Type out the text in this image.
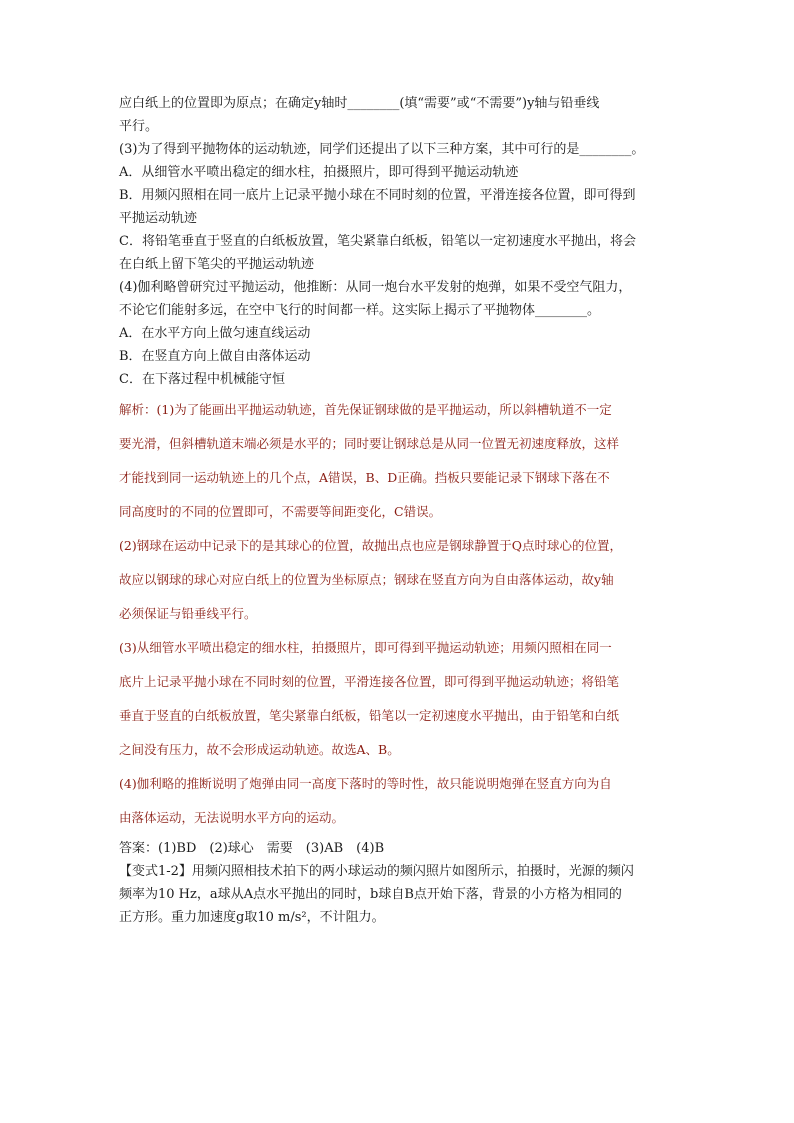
应白纸上的位置即为原点；在确定y轴时________(填“需要”或“不需要”)y轴与铅垂线
平行。
(3)为了得到平抛物体的运动轨迹，同学们还提出了以下三种方案，其中可行的是________。
A．从细管水平喷出稳定的细水柱，拍摄照片，即可得到平抛运动轨迹
B．用频闪照相在同一底片上记录平抛小球在不同时刻的位置，平滑连接各位置，即可得到
平抛运动轨迹
C．将铅笔垂直于竖直的白纸板放置，笔尖紧靠白纸板，铅笔以一定初速度水平抛出，将会
在白纸上留下笔尖的平抛运动轨迹
(4)伽利略曾研究过平抛运动，他推断：从同一炮台水平发射的炮弹，如果不受空气阻力，
不论它们能射多远，在空中飞行的时间都一样。这实际上揭示了平抛物体________。
A．在水平方向上做匀速直线运动
B．在竖直方向上做自由落体运动
C．在下落过程中机械能守恒
解析：(1)为了能画出平抛运动轨迹，首先保证钢球做的是平抛运动，所以斜槽轨道不一定
要光滑，但斜槽轨道末端必须是水平的；同时要让钢球总是从同一位置无初速度释放，这样
才能找到同一运动轨迹上的几个点，A错误，B、D正确。挡板只要能记录下钢球下落在不
同高度时的不同的位置即可，不需要等间距变化，C错误。
(2)钢球在运动中记录下的是其球心的位置，故抛出点也应是钢球静置于Q点时球心的位置，
故应以钢球的球心对应白纸上的位置为坐标原点；钢球在竖直方向为自由落体运动，故y轴
必须保证与铅垂线平行。
(3)从细管水平喷出稳定的细水柱，拍摄照片，即可得到平抛运动轨迹；用频闪照相在同一
底片上记录平抛小球在不同时刻的位置，平滑连接各位置，即可得到平抛运动轨迹；将铅笔
垂直于竖直的白纸板放置，笔尖紧靠白纸板，铅笔以一定初速度水平抛出，由于铅笔和白纸
之间没有压力，故不会形成运动轨迹。故选A、B。
(4)伽利略的推断说明了炮弹由同一高度下落时的等时性，故只能说明炮弹在竖直方向为自
由落体运动，无法说明水平方向的运动。
答案：(1)BD　(2)球心　需要　(3)AB　(4)B
【变式1-2】用频闪照相技术拍下的两小球运动的频闪照片如图所示，拍摄时，光源的频闪
频率为10 Hz，a球从A点水平抛出的同时，b球自B点开始下落，背景的小方格为相同的
正方形。重力加速度g取10 m/s²，不计阻力。
